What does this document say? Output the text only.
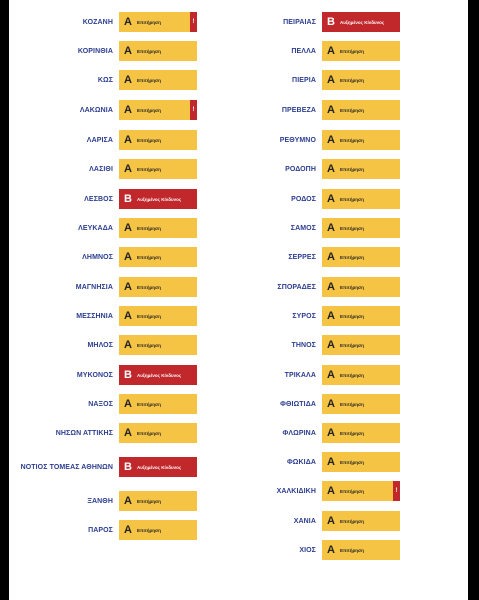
ΚΟΖΑΝΗ	A	Επιτήρηση	!
ΚΟΡΙΝΘΙΑ	A	Επιτήρηση
ΚΩΣ	A	Επιτήρηση
ΛΑΚΩΝΙΑ	A	Επιτήρηση	!
ΛΑΡΙΣΑ	A	Επιτήρηση
ΛΑΣΙΘΙ	A	Επιτήρηση
ΛΕΣΒΟΣ	B	Αυξημένος Κίνδυνος
ΛΕΥΚΑΔΑ	A	Επιτήρηση
ΛΗΜΝΟΣ	A	Επιτήρηση
ΜΑΓΝΗΣΙΑ	A	Επιτήρηση
ΜΕΣΣΗΝΙΑ	A	Επιτήρηση
ΜΗΛΟΣ	A	Επιτήρηση
ΜΥΚΟΝΟΣ	B	Αυξημένος Κίνδυνος
ΝΑΞΟΣ	A	Επιτήρηση
ΝΗΣΩΝ ΑΤΤΙΚΗΣ	A	Επιτήρηση
ΝΟΤΙΟΣ ΤΟΜΕΑΣ ΑΘΗΝΩΝ	B	Αυξημένος Κίνδυνος
ΞΑΝΘΗ	A	Επιτήρηση
ΠΑΡΟΣ	A	Επιτήρηση
ΠΕΙΡΑΙΑΣ	B	Αυξημένος Κίνδυνος
ΠΕΛΛΑ	A	Επιτήρηση
ΠΙΕΡΙΑ	A	Επιτήρηση
ΠΡΕΒΕΖΑ	A	Επιτήρηση
ΡΕΘΥΜΝΟ	A	Επιτήρηση
ΡΟΔΟΠΗ	A	Επιτήρηση
ΡΟΔΟΣ	A	Επιτήρηση
ΣΑΜΟΣ	A	Επιτήρηση
ΣΕΡΡΕΣ	A	Επιτήρηση
ΣΠΟΡΑΔΕΣ	A	Επιτήρηση
ΣΥΡΟΣ	A	Επιτήρηση
ΤΗΝΟΣ	A	Επιτήρηση
ΤΡΙΚΑΛΑ	A	Επιτήρηση
ΦΘΙΩΤΙΔΑ	A	Επιτήρηση
ΦΛΩΡΙΝΑ	A	Επιτήρηση
ΦΩΚΙΔΑ	A	Επιτήρηση
ΧΑΛΚΙΔΙΚΗ	A	Επιτήρηση	!
ΧΑΝΙΑ	A	Επιτήρηση
ΧΙΟΣ	A	Επιτήρηση
